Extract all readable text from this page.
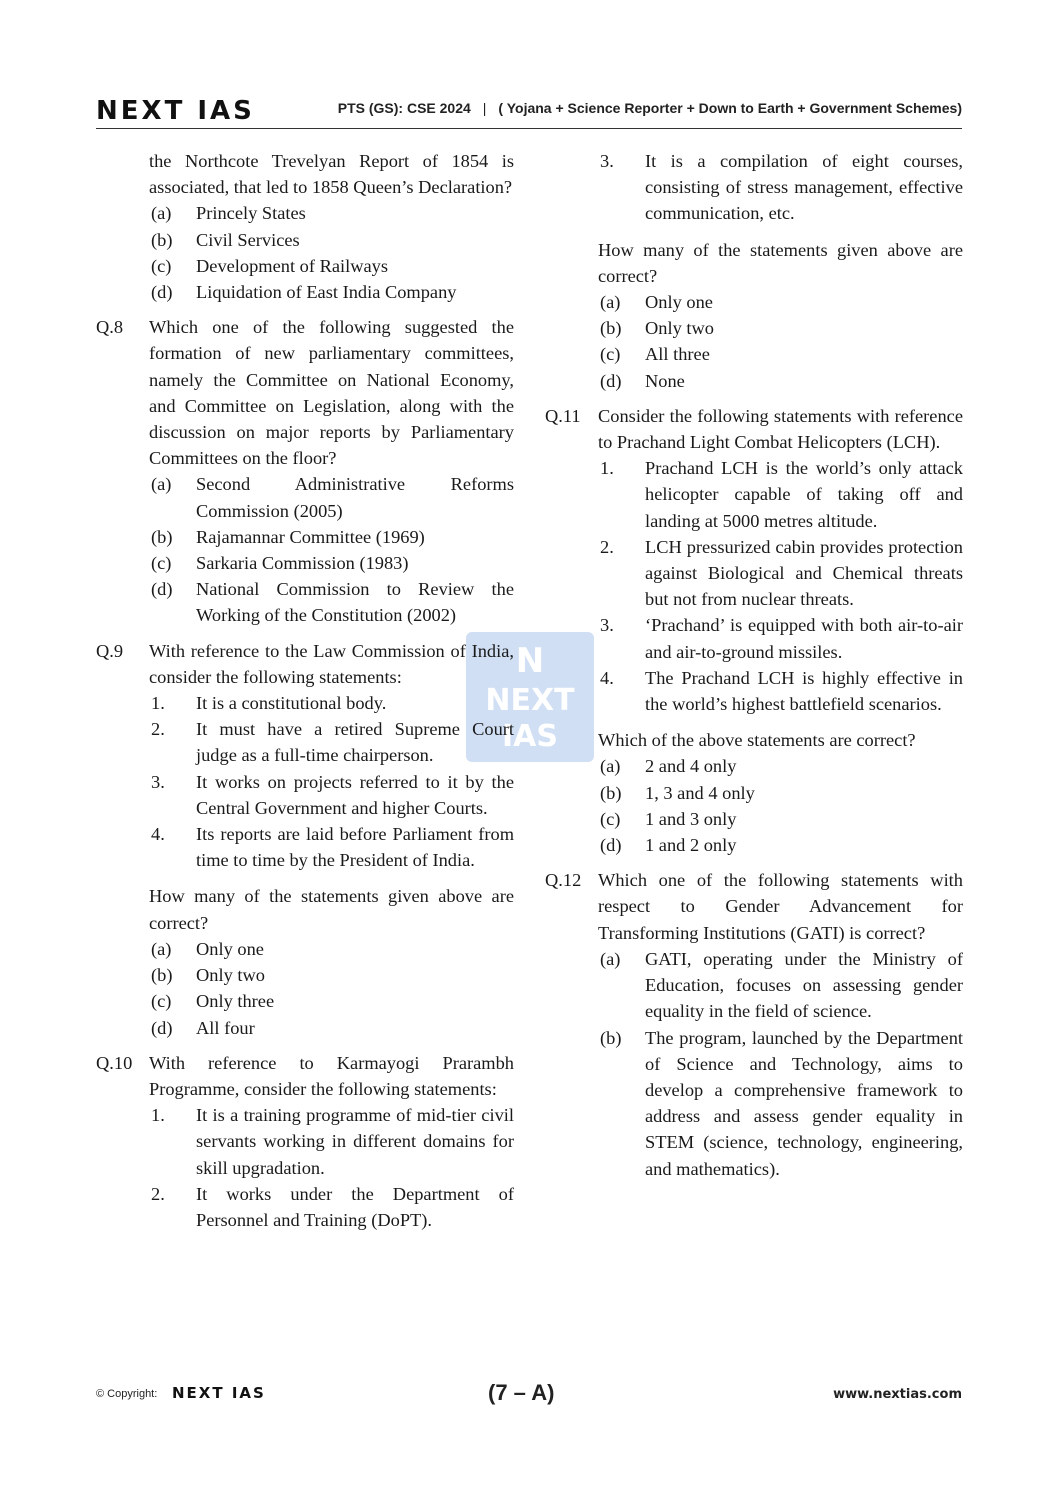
NEXT IAS	PTS (GS): CSE 2024 | ( Yojana + Science Reporter + Down to Earth + Government Schemes)
N
NEXT
IAS
the Northcote Trevelyan Report of 1854 is associated, that led to 1858 Queen’s Declaration?
(a) Princely States
(b) Civil Services
(c) Development of Railways
(d) Liquidation of East India Company
Q.8 Which one of the following suggested the formation of new parliamentary committees, namely the Committee on National Economy, and Committee on Legislation, along with the discussion on major reports by Parliamentary Committees on the floor?
(a) Second Administrative Reforms Commission (2005)
(b) Rajamannar Committee (1969)
(c) Sarkaria Commission (1983)
(d) National Commission to Review the Working of the Constitution (2002)
Q.9 With reference to the Law Commission of India, consider the following statements:
1. It is a constitutional body.
2. It must have a retired Supreme Court judge as a full-time chairperson.
3. It works on projects referred to it by the Central Government and higher Courts.
4. Its reports are laid before Parliament from time to time by the President of India.
How many of the statements given above are correct?
(a) Only one
(b) Only two
(c) Only three
(d) All four
Q.10 With reference to Karmayogi Prarambh Programme, consider the following statements:
1. It is a training programme of mid-tier civil servants working in different domains for skill upgradation.
2. It works under the Department of Personnel and Training (DoPT).
3. It is a compilation of eight courses, consisting of stress management, effective communication, etc.
How many of the statements given above are correct?
(a) Only one
(b) Only two
(c) All three
(d) None
Q.11 Consider the following statements with reference to Prachand Light Combat Helicopters (LCH).
1. Prachand LCH is the world’s only attack helicopter capable of taking off and landing at 5000 metres altitude.
2. LCH pressurized cabin provides protection against Biological and Chemical threats but not from nuclear threats.
3. ‘Prachand’ is equipped with both air-to-air and air-to-ground missiles.
4. The Prachand LCH is highly effective in the world’s highest battlefield scenarios.
Which of the above statements are correct?
(a) 2 and 4 only
(b) 1, 3 and 4 only
(c) 1 and 3 only
(d) 1 and 2 only
Q.12 Which one of the following statements with respect to Gender Advancement for Transforming Institutions (GATI) is correct?
(a) GATI, operating under the Ministry of Education, focuses on assessing gender equality in the field of science.
(b) The program, launched by the Department of Science and Technology, aims to develop a comprehensive framework to address and assess gender equality in STEM (science, technology, engineering, and mathematics).
© Copyright: NEXT IAS	(7 – A)	www.nextias.com
